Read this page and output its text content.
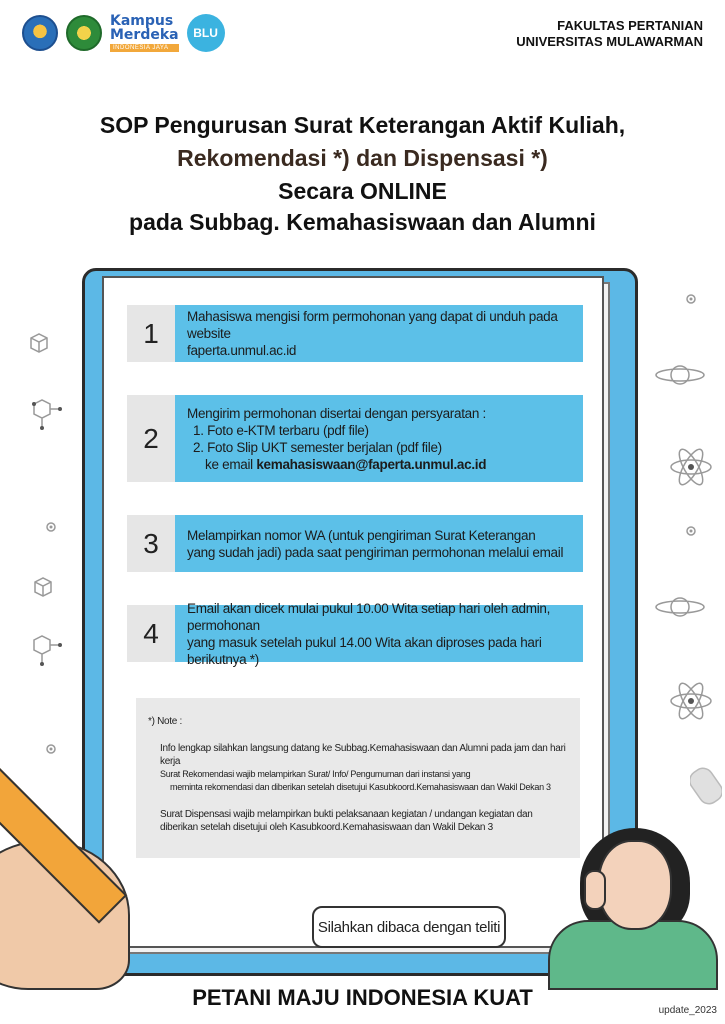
Kampus
Merdeka
INDONESIA JAYA
BLU	FAKULTAS PERTANIAN
UNIVERSITAS MULAWARMAN
SOP Pengurusan Surat Keterangan Aktif Kuliah,
Rekomendasi *) dan Dispensasi *)
Secara ONLINE
pada Subbag. Kemahasiswaan dan Alumni
1
Mahasiswa mengisi form permohonan yang dapat di unduh pada website
faperta.unmul.ac.id
2
Mengirim permohonan disertai dengan persyaratan :
1. Foto e-KTM terbaru (pdf file)
2. Foto Slip UKT semester berjalan (pdf file)
ke email kemahasiswaan@faperta.unmul.ac.id
3	Melampirkan nomor WA (untuk pengiriman Surat Keterangan
yang sudah jadi) pada saat pengiriman permohonan melalui email
4
Email akan dicek mulai pukul 10.00 Wita setiap hari oleh admin, permohonan
yang masuk setelah pukul 14.00 Wita akan diproses pada hari berikutnya *)
*) Note :
Info lengkap silahkan langsung datang ke Subbag.Kemahasiswaan dan Alumni pada jam dan hari kerja
Surat Rekomendasi wajib melampirkan Surat/ Info/ Pengumuman dari instansi yang
meminta rekomendasi dan diberikan setelah disetujui Kasubkoord.Kemahasiswaan dan Wakil Dekan 3
Surat Dispensasi wajib melampirkan bukti pelaksanaan kegiatan / undangan kegiatan dan
diberikan setelah disetujui oleh Kasubkoord.Kemahasiswaan dan Wakil Dekan 3
Silahkan dibaca dengan teliti
PETANI MAJU INDONESIA KUAT
update_2023
